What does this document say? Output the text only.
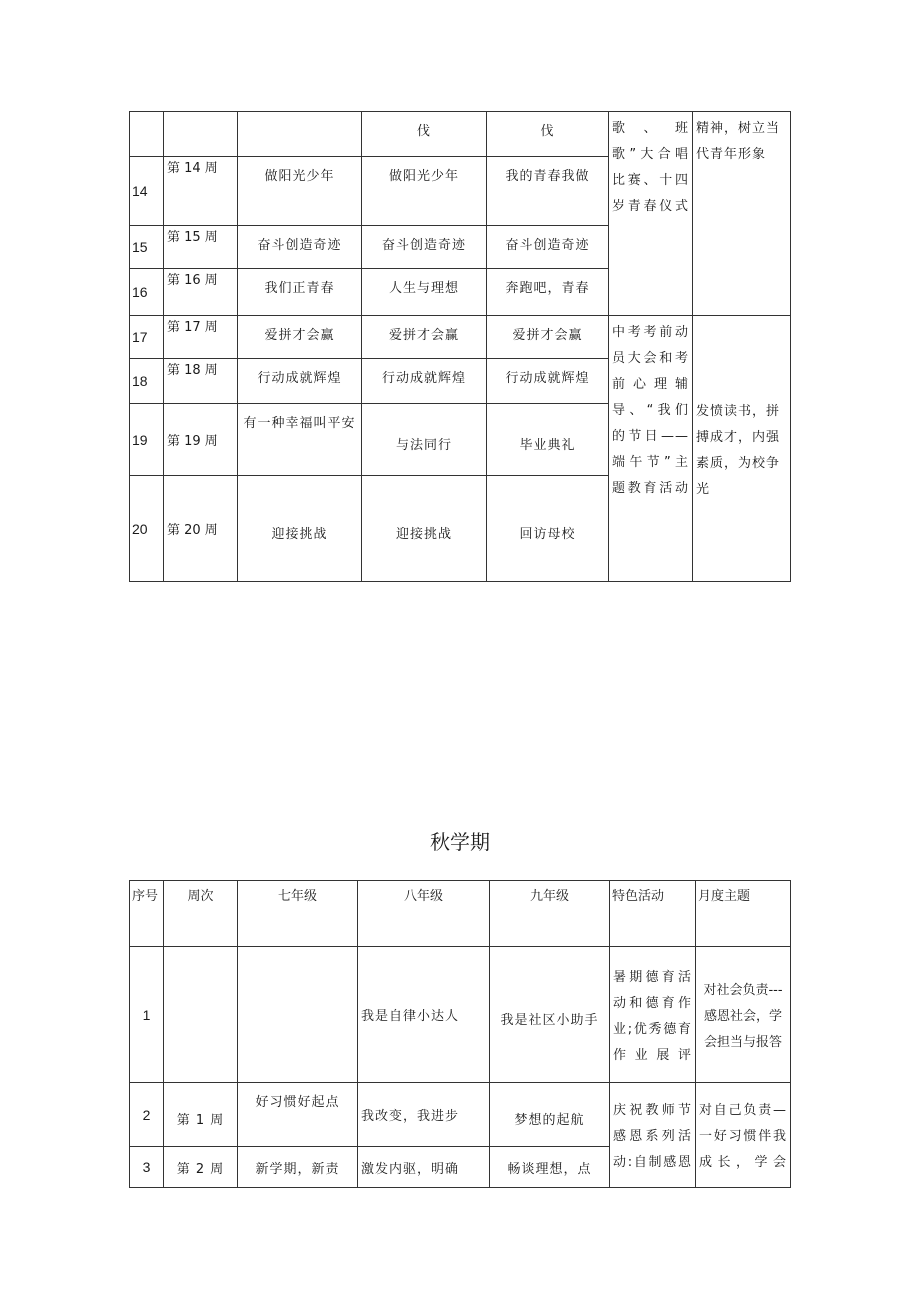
			伐	伐	歌、班歌”大合唱比赛、十四岁青春仪式	精神，树立当代青年形象
14	第 14 周	做阳光少年	做阳光少年	我的青春我做		
15	第 15 周	奋斗创造奇迹	奋斗创造奇迹	奋斗创造奇迹		
16	第 16 周	我们正青春	人生与理想	奔跑吧，青春		
17	第 17 周	爱拼才会赢	爱拼才会赢	爱拼才会赢	中考考前动员大会和考前心理辅导、“我们的节日——端午节”主题教育活动	发愤读书，拼搏成才，内强素质，为校争光
18	第 18 周	行动成就辉煌	行动成就辉煌	行动成就辉煌		
19	第 19 周	有一种幸福叫平安	与法同行	毕业典礼		
20	第 20 周	迎接挑战	迎接挑战	回访母校		
秋学期
序号	周次	七年级	八年级	九年级	特色活动	月度主题
1			我是自律小达人	我是社区小助手	暑期德育活动和德育作业;优秀德育作业展评	对社会负责---感恩社会，学会担当与报答
2	第 1 周	好习惯好起点	我改变，我进步	梦想的起航	庆祝教师节感恩系列活动:自制感恩	对自己负责—一好习惯伴我成长，学会
3	第 2 周	新学期，新责	激发内驱，明确	畅谈理想，点		
